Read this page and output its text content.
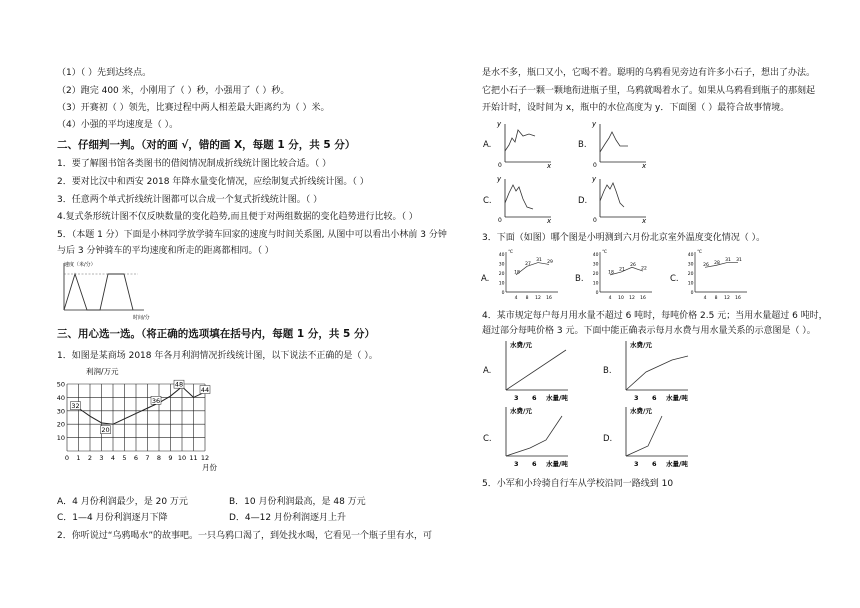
（1）（ ）先到达终点。
（2）跑完 400 米，小刚用了（ ）秒，小强用了（ ）秒。
（3）开赛初（ ）领先，比赛过程中两人相差最大距离约为（ ）米。
（4）小强的平均速度是（ ）。
二、仔细判一判。（对的画 √，错的画 X，每题 1 分，共 5 分）
1．要了解图书馆各类图书的借阅情况制成折线统计图比较合适。（ ）
2．要对比汉中和西安 2018 年降水量变化情况，应绘制复式折线统计图。（ ）
3．任意两个单式折线统计图都可以合成一个复式折线统计图。（ ）
4.复式条形统计图不仅反映数量的变化趋势,而且便于对两组数据的变化趋势进行比较。（ ）
5．（本题 1 分）下面是小林同学放学骑车回家的速度与时间关系图, 从图中可以看出小林前 3 分钟
与后 3 分钟骑车的平均速度和所走的距离都相同。（ ）
速度（米/分）
时间/分
三、用心选一选。（将正确的选项填在括号内，每题 1 分，共 5 分）
1．如图是某商场 2018 年各月利润情况折线统计图，以下说法不正确的是（ ）。
利润/万元
10
20
30
40
50
0 1 2 3 4 5 6 7 8 9 10 11 12
32
20
36
48
44
月份
A．4 月份利润最少，是 20 万元	B．10 月份利润最高，是 48 万元
C．1—4 月份利润逐月下降	D．4—12 月份利润逐月上升
2．你听说过“乌鸦喝水”的故事吧。一只乌鸦口渴了，到处找水喝，它看见一个瓶子里有水，可
是水不多，瓶口又小，它喝不着。聪明的乌鸦看见旁边有许多小石子，想出了办法。
它把小石子一颗一颗地衔进瓶子里，乌鸦就喝着水了。如果从乌鸦看到瓶子的那刻起
开始计时，设时间为 x，瓶中的水位高度为 y．下面图（ ）最符合故事情境。
A.
y
0	x
B.
y
0	x
C.
y
0	x
D.
y
0	x
3．下面（如图）哪个图是小明测到六月份北京室外温度变化情况（ ）。
A.	B.	C.
℃
40
30
20
10
0
4 8 12 16
18
27
31 29
℃
40
30
20
10
0
4 10 12 16
18
21
26
22
℃
40
30
20
10
0
4 8 12 16
26 28
31 31
4．某市规定每户每月用水量不超过 6 吨时，每吨价格 2.5 元；当用水量超过 6 吨时，
超过部分每吨价格 3 元。下面中能正确表示每月水费与用水量关系的示意图是（ ）。
A.
水费/元
3 6 水量/吨
B.
水费/元
3 6 水量/吨
C.
水费/元
3 6 水量/吨
D.
水费/元
3 6 水量/吨
5．小军和小玲骑自行车从学校沿同一路线到 10
